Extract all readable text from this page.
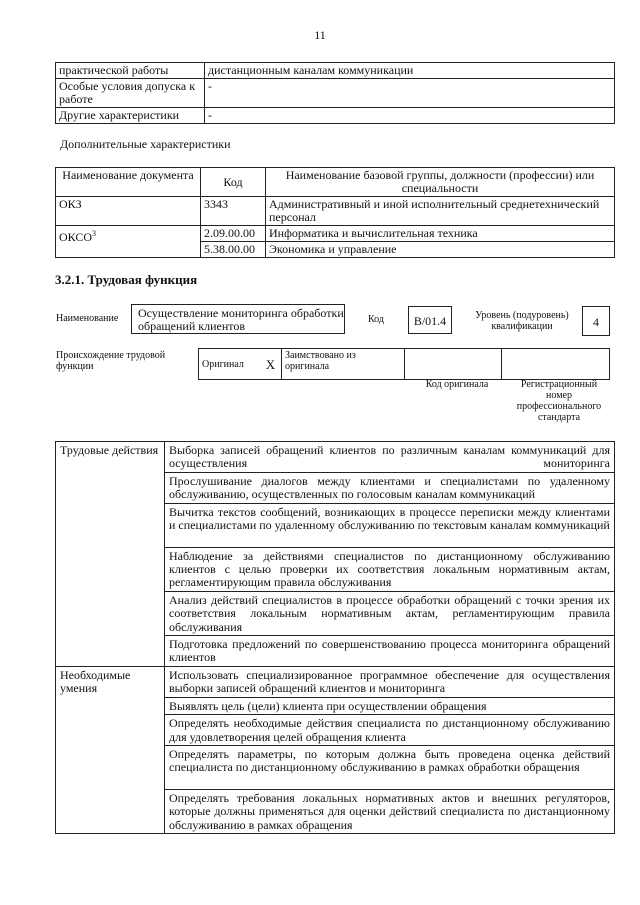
11
практической работы	дистанционным каналам коммуникации
Особые условия допуска к работе	-
Другие характеристики	-
Дополнительные характеристики
Наименование документа	Код	Наименование базовой группы, должности (профессии) или специальности
ОКЗ	3343	Административный и иной исполнительный среднетехнический персонал
ОКСО$^3$	2.09.00.00	Информатика и вычислительная техника
	5.38.00.00	Экономика и управление
3.2.1. Трудовая функция
Наименование	Осуществление мониторинга обработки обращений клиентов	Код	B/01.4	Уровень (подуровень) квалификации	4
Происхождение трудовой функции	Оригинал	X	Заимствовано из оригинала		
Код оригинала	Регистрационный номер профессионального стандарта
Трудовые действия	Выборка записей обращений клиентов по различным каналам коммуникаций для осуществления мониторинга
	Прослушивание диалогов между клиентами и специалистами по удаленному обслуживанию, осуществленных по голосовым каналам коммуникаций
	Вычитка текстов сообщений, возникающих в процессе переписки между клиентами и специалистами по удаленному обслуживанию по текстовым каналам коммуникаций
	Наблюдение за действиями специалистов по дистанционному обслуживанию клиентов с целью проверки их соответствия локальным нормативным актам, регламентирующим правила обслуживания
	Анализ действий специалистов в процессе обработки обращений с точки зрения их соответствия локальным нормативным актам, регламентирующим правила обслуживания
	Подготовка предложений по совершенствованию процесса мониторинга обращений клиентов
Необходимые умения	Использовать специализированное программное обеспечение для осуществления выборки записей обращений клиентов и мониторинга
	Выявлять цель (цели) клиента при осуществлении обращения
	Определять необходимые действия специалиста по дистанционному обслуживанию для удовлетворения целей обращения клиента
	Определять параметры, по которым должна быть проведена оценка действий специалиста по дистанционному обслуживанию в рамках обработки обращения
	Определять требования локальных нормативных актов и внешних регуляторов, которые должны применяться для оценки действий специалиста по дистанционному обслуживанию в рамках обращения
